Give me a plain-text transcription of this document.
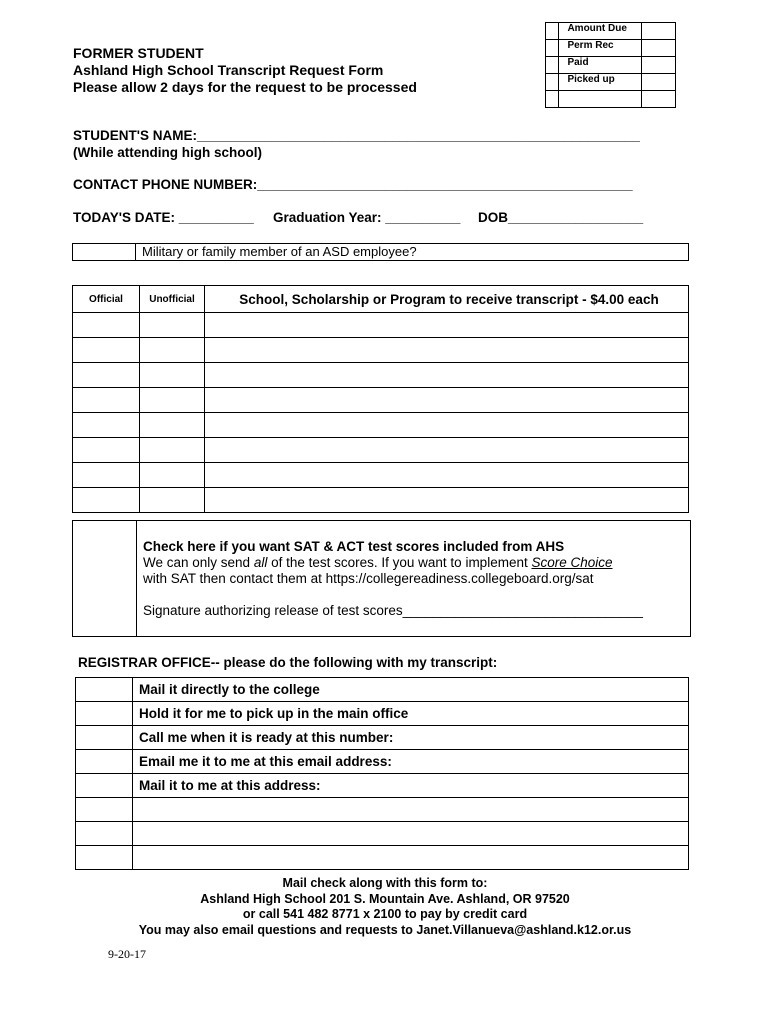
	Amount Due	
	Perm Rec	
	Paid	
	Picked up	

FORMER STUDENT
Ashland High School Transcript Request Form
Please allow 2 days for the request to be processed
STUDENT'S NAME:___________________________________________________________
(While attending high school)
CONTACT PHONE NUMBER:__________________________________________________
TODAY'S DATE: __________ Graduation Year: __________ DOB__________________
	Military or family member of an ASD employee?
Official	Unofficial	School, Scholarship or Program to receive transcript - $4.00 each

Check here if you want SAT & ACT test scores included from AHS
We can only send all of the test scores. If you want to implement Score Choice
with SAT then contact them at https://collegereadiness.collegeboard.org/sat
Signature authorizing release of test scores________________________________
REGISTRAR OFFICE-- please do the following with my transcript:
	Mail it directly to the college
	Hold it for me to pick up in the main office
	Call me when it is ready at this number:
	Email me it to me at this email address:
	Mail it to me at this address:

Mail check along with this form to:
Ashland High School 201 S. Mountain Ave. Ashland, OR 97520
or call 541 482 8771 x 2100 to pay by credit card
You may also email questions and requests to Janet.Villanueva@ashland.k12.or.us
9-20-17
